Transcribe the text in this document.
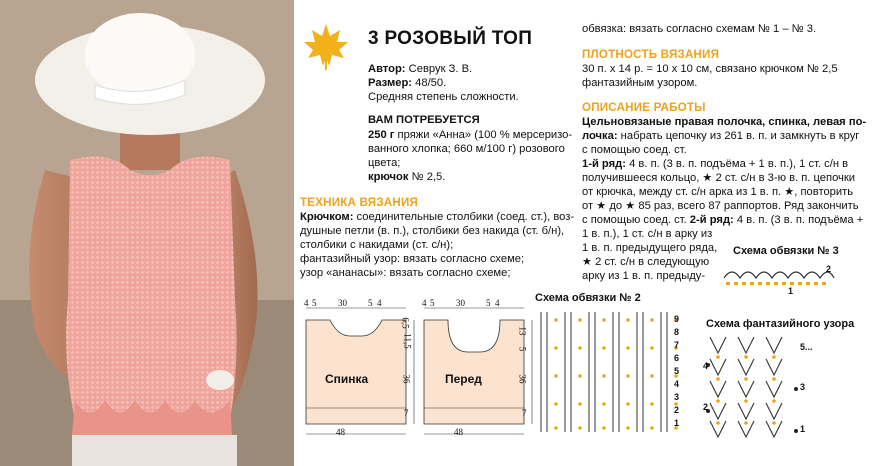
3 РОЗОВЫЙ ТОП
Автор: Севрук З. В.
Размер: 48/50.
Средняя степень сложности.
ВАМ ПОТРЕБУЕТСЯ
250 г пряжи «Анна» (100 % мерсеризо-
ванного хлопка; 660 м/100 г) розового
цвета;
крючок № 2,5.
ТЕХНИКА ВЯЗАНИЯ
Крючком: соединительные столбики (соед. ст.), воз-
душные петли (в. п.), столбики без накида (ст. б/н),
столбики с накидами (ст. с/н);
фантазийный узор: вязать согласно схеме;
узор «ананасы»: вязать согласно схеме;
обвязка: вязать согласно схемам № 1 – № 3.
ПЛОТНОСТЬ ВЯЗАНИЯ
30 п. х 14 р. = 10 х 10 см, связано крючком № 2,5
фантазийным узором.
ОПИСАНИЕ РАБОТЫ
Цельновязаные правая полочка, спинка, левая по-
лочка: набрать цепочку из 261 в. п. и замкнуть в круг
с помощью соед. ст.
1-й ряд: 4 в. п. (3 в. п. подъёма + 1 в. п.), 1 ст. с/н в
получившееся кольцо, ★ 2 ст. с/н в 3-ю в. п. цепочки
от крючка, между ст. с/н арка из 1 в. п. ★, повторить
от ★ до ★ 85 раз, всего 87 раппортов. Ряд закончить
с помощью соед. ст. 2-й ряд: 4 в. п. (3 в. п. подъёма +
1 в. п.), 1 ст. с/н в арку из
1 в. п. предыдущего ряда,
★ 2 ст. с/н в следующую
арку из 1 в. п. предыду-
Схема обвязки № 2
Схема обвязки № 3
Схема фантазийного узора
4 5 30 5 4	4 5 30 5 4
6,5
11,5
36
7
13
5
36
7
Спинка	Перед
48	48
9
8
7
6
5
4
3
2
1
2
1
5...
4
3
2
1
